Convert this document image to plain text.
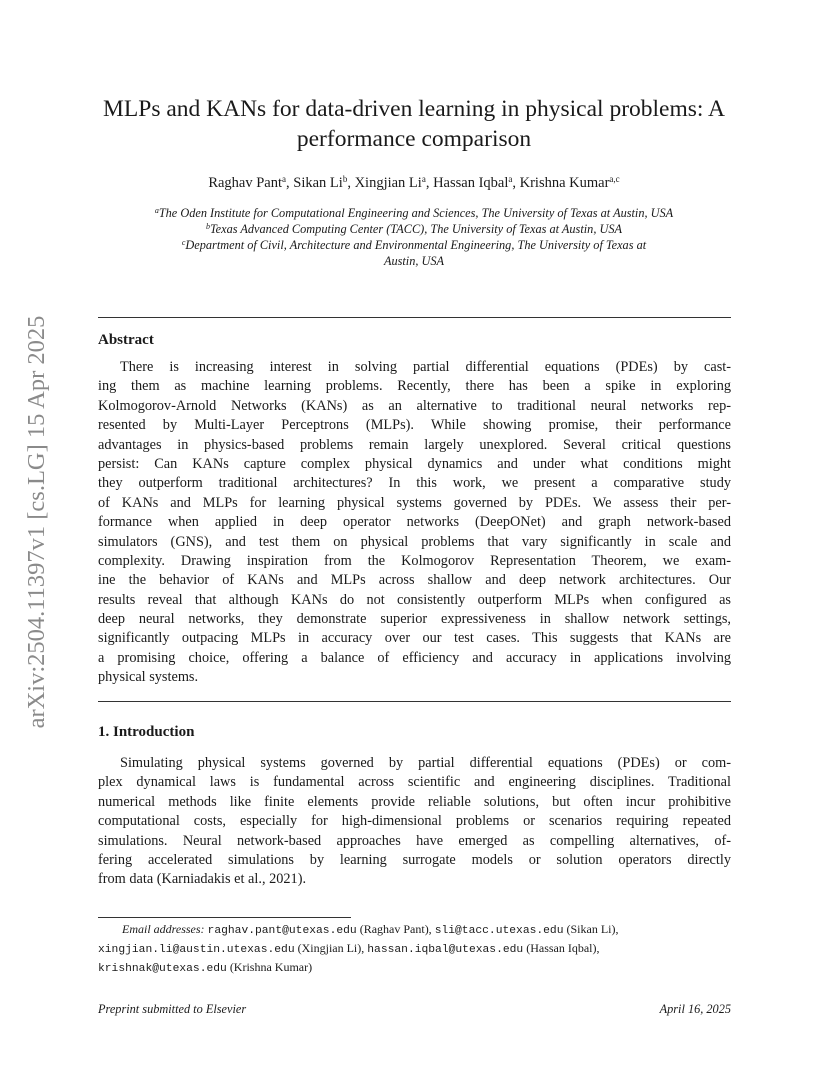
arXiv:2504.11397v1 [cs.LG] 15 Apr 2025
MLPs and KANs for data-driven learning in physical problems: A
performance comparison
Raghav Pant$^a$, Sikan Li$^b$, Xingjian Li$^a$, Hassan Iqbal$^a$, Krishna Kumar$^{a,c}$
$^a$The Oden Institute for Computational Engineering and Sciences, The University of Texas at Austin, USA
$^b$Texas Advanced Computing Center (TACC), The University of Texas at Austin, USA
$^c$Department of Civil, Architecture and Environmental Engineering, The University of Texas at
Austin, USA
Abstract
There is increasing interest in solving partial differential equations (PDEs) by cast-
ing them as machine learning problems. Recently, there has been a spike in exploring
Kolmogorov-Arnold Networks (KANs) as an alternative to traditional neural networks rep-
resented by Multi-Layer Perceptrons (MLPs). While showing promise, their performance
advantages in physics-based problems remain largely unexplored. Several critical questions
persist: Can KANs capture complex physical dynamics and under what conditions might
they outperform traditional architectures? In this work, we present a comparative study
of KANs and MLPs for learning physical systems governed by PDEs. We assess their per-
formance when applied in deep operator networks (DeepONet) and graph network-based
simulators (GNS), and test them on physical problems that vary significantly in scale and
complexity. Drawing inspiration from the Kolmogorov Representation Theorem, we exam-
ine the behavior of KANs and MLPs across shallow and deep network architectures. Our
results reveal that although KANs do not consistently outperform MLPs when configured as
deep neural networks, they demonstrate superior expressiveness in shallow network settings,
significantly outpacing MLPs in accuracy over our test cases. This suggests that KANs are
a promising choice, offering a balance of efficiency and accuracy in applications involving
physical systems.
1. Introduction
Simulating physical systems governed by partial differential equations (PDEs) or com-
plex dynamical laws is fundamental across scientific and engineering disciplines. Traditional
numerical methods like finite elements provide reliable solutions, but often incur prohibitive
computational costs, especially for high-dimensional problems or scenarios requiring repeated
simulations. Neural network-based approaches have emerged as compelling alternatives, of-
fering accelerated simulations by learning surrogate models or solution operators directly
from data (Karniadakis et al., 2021).
Email addresses: raghav.pant@utexas.edu (Raghav Pant), sli@tacc.utexas.edu (Sikan Li),
xingjian.li@austin.utexas.edu (Xingjian Li), hassan.iqbal@utexas.edu (Hassan Iqbal),
krishnak@utexas.edu (Krishna Kumar)
Preprint submitted to Elsevier	April 16, 2025
